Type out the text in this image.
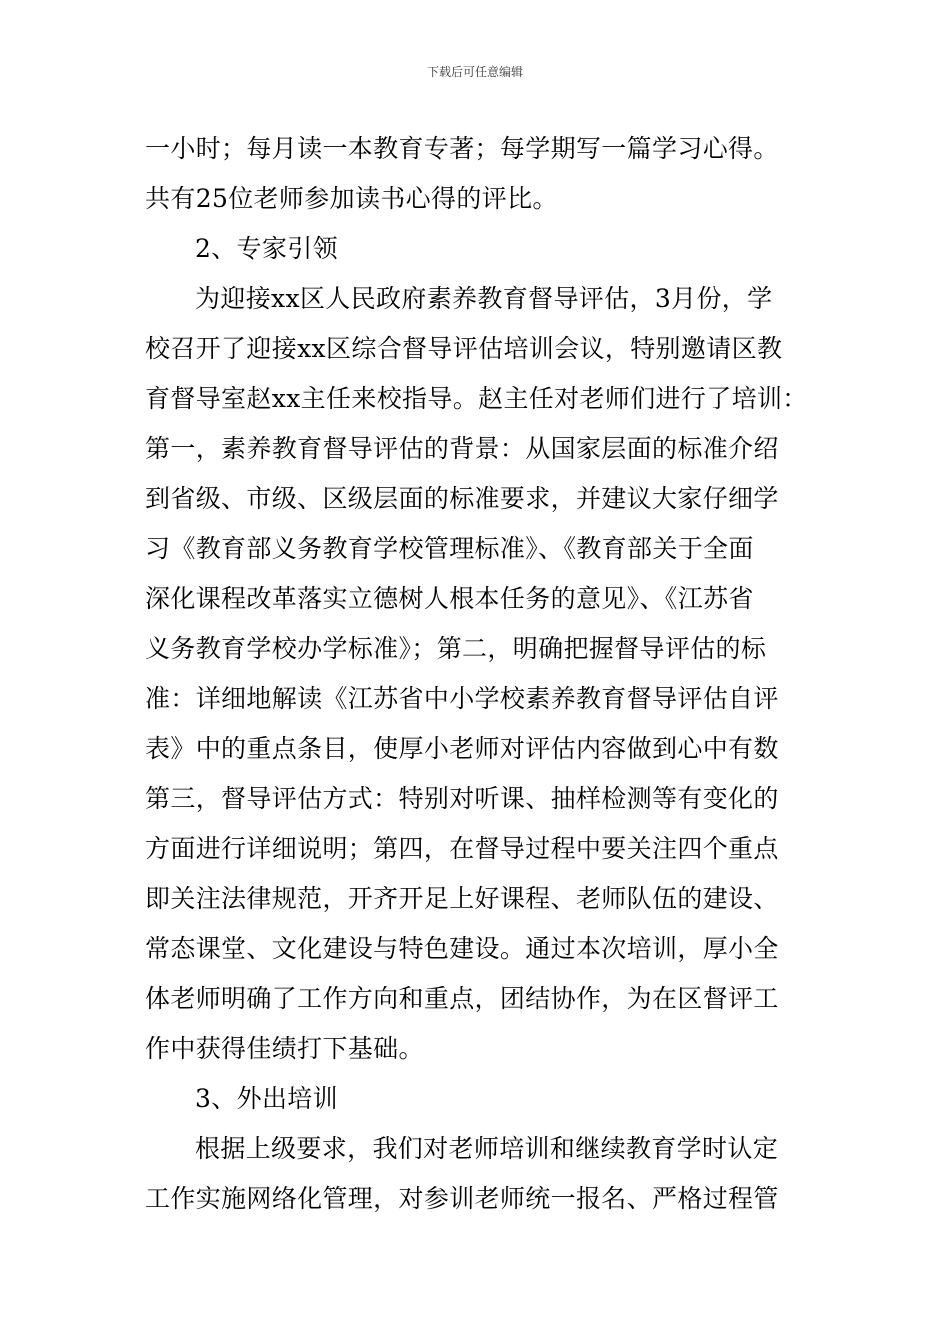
下载后可任意编辑
一小时；每月读一本教育专著；每学期写一篇学习心得。
共有25位老师参加读书心得的评比。
2、专家引领
为迎接xx区人民政府素养教育督导评估，3月份，学
校召开了迎接xx区综合督导评估培训会议，特别邀请区教
育督导室赵xx主任来校指导。赵主任对老师们进行了培训：
第一，素养教育督导评估的背景：从国家层面的标准介绍
到省级、市级、区级层面的标准要求，并建议大家仔细学
习《教育部义务教育学校管理标准》、《教育部关于全面
深化课程改革落实立德树人根本任务的意见》、《江苏省
义务教育学校办学标准》；第二，明确把握督导评估的标
准：详细地解读《江苏省中小学校素养教育督导评估自评
表》中的重点条目，使厚小老师对评估内容做到心中有数
第三，督导评估方式：特别对听课、抽样检测等有变化的
方面进行详细说明；第四，在督导过程中要关注四个重点
即关注法律规范，开齐开足上好课程、老师队伍的建设、
常态课堂、文化建设与特色建设。通过本次培训，厚小全
体老师明确了工作方向和重点，团结协作，为在区督评工
作中获得佳绩打下基础。
3、外出培训
根据上级要求，我们对老师培训和继续教育学时认定
工作实施网络化管理，对参训老师统一报名、严格过程管
